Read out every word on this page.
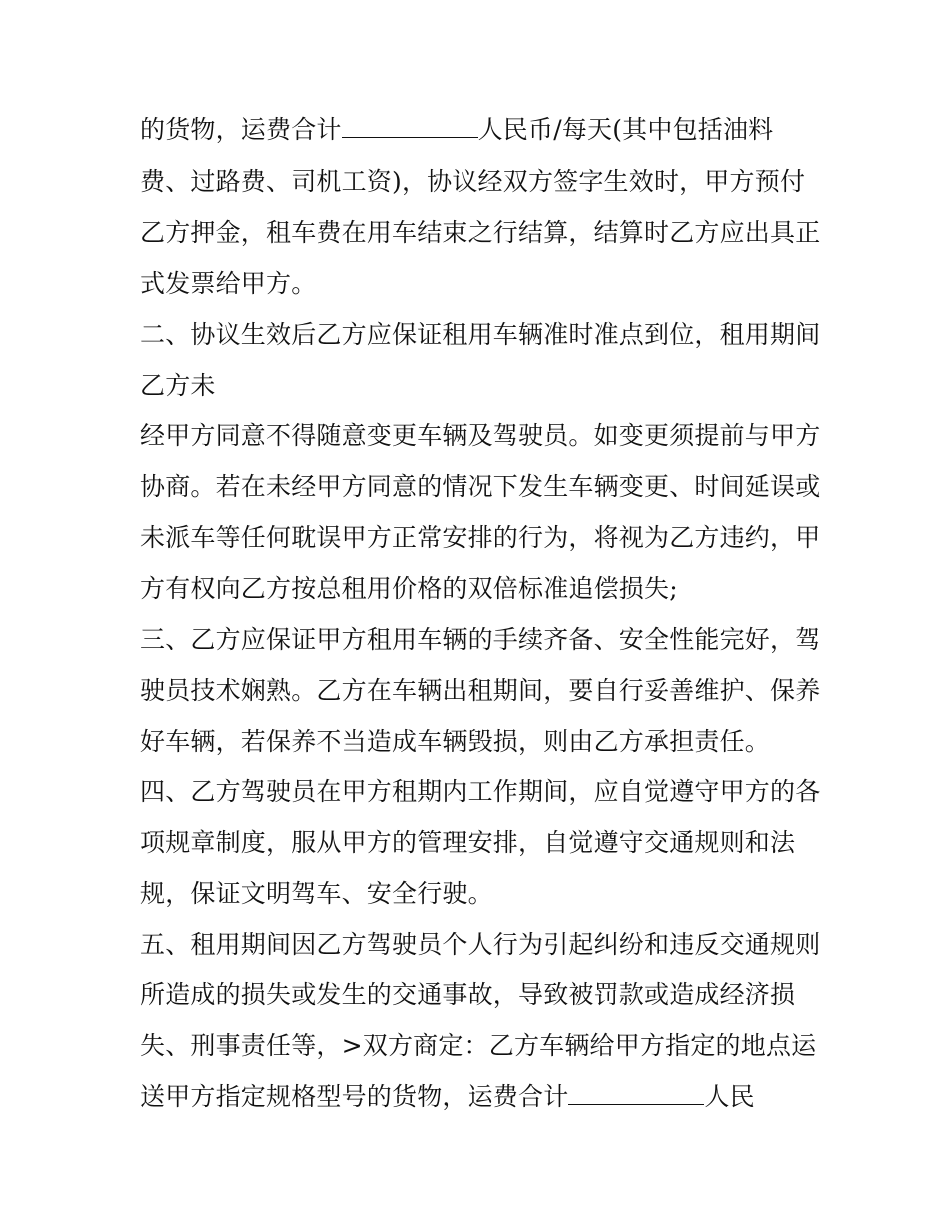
的货物，运费合计	人民币/每天(其中包括油料
费、过路费、司机工资)，协议经双方签字生效时，甲方预付
乙方押金，租车费在用车结束之行结算，结算时乙方应出具正
式发票给甲方。
二、协议生效后乙方应保证租用车辆准时准点到位，租用期间
乙方未
经甲方同意不得随意变更车辆及驾驶员。如变更须提前与甲方
协商。若在未经甲方同意的情况下发生车辆变更、时间延误或
未派车等任何耽误甲方正常安排的行为，将视为乙方违约，甲
方有权向乙方按总租用价格的双倍标准追偿损失;
三、乙方应保证甲方租用车辆的手续齐备、安全性能完好，驾
驶员技术娴熟。乙方在车辆出租期间，要自行妥善维护、保养
好车辆，若保养不当造成车辆毁损，则由乙方承担责任。
四、乙方驾驶员在甲方租期内工作期间，应自觉遵守甲方的各
项规章制度，服从甲方的管理安排，自觉遵守交通规则和法
规，保证文明驾车、安全行驶。
五、租用期间因乙方驾驶员个人行为引起纠纷和违反交通规则
所造成的损失或发生的交通事故，导致被罚款或造成经济损
失、刑事责任等，>双方商定：乙方车辆给甲方指定的地点运
送甲方指定规格型号的货物，运费合计	人民
